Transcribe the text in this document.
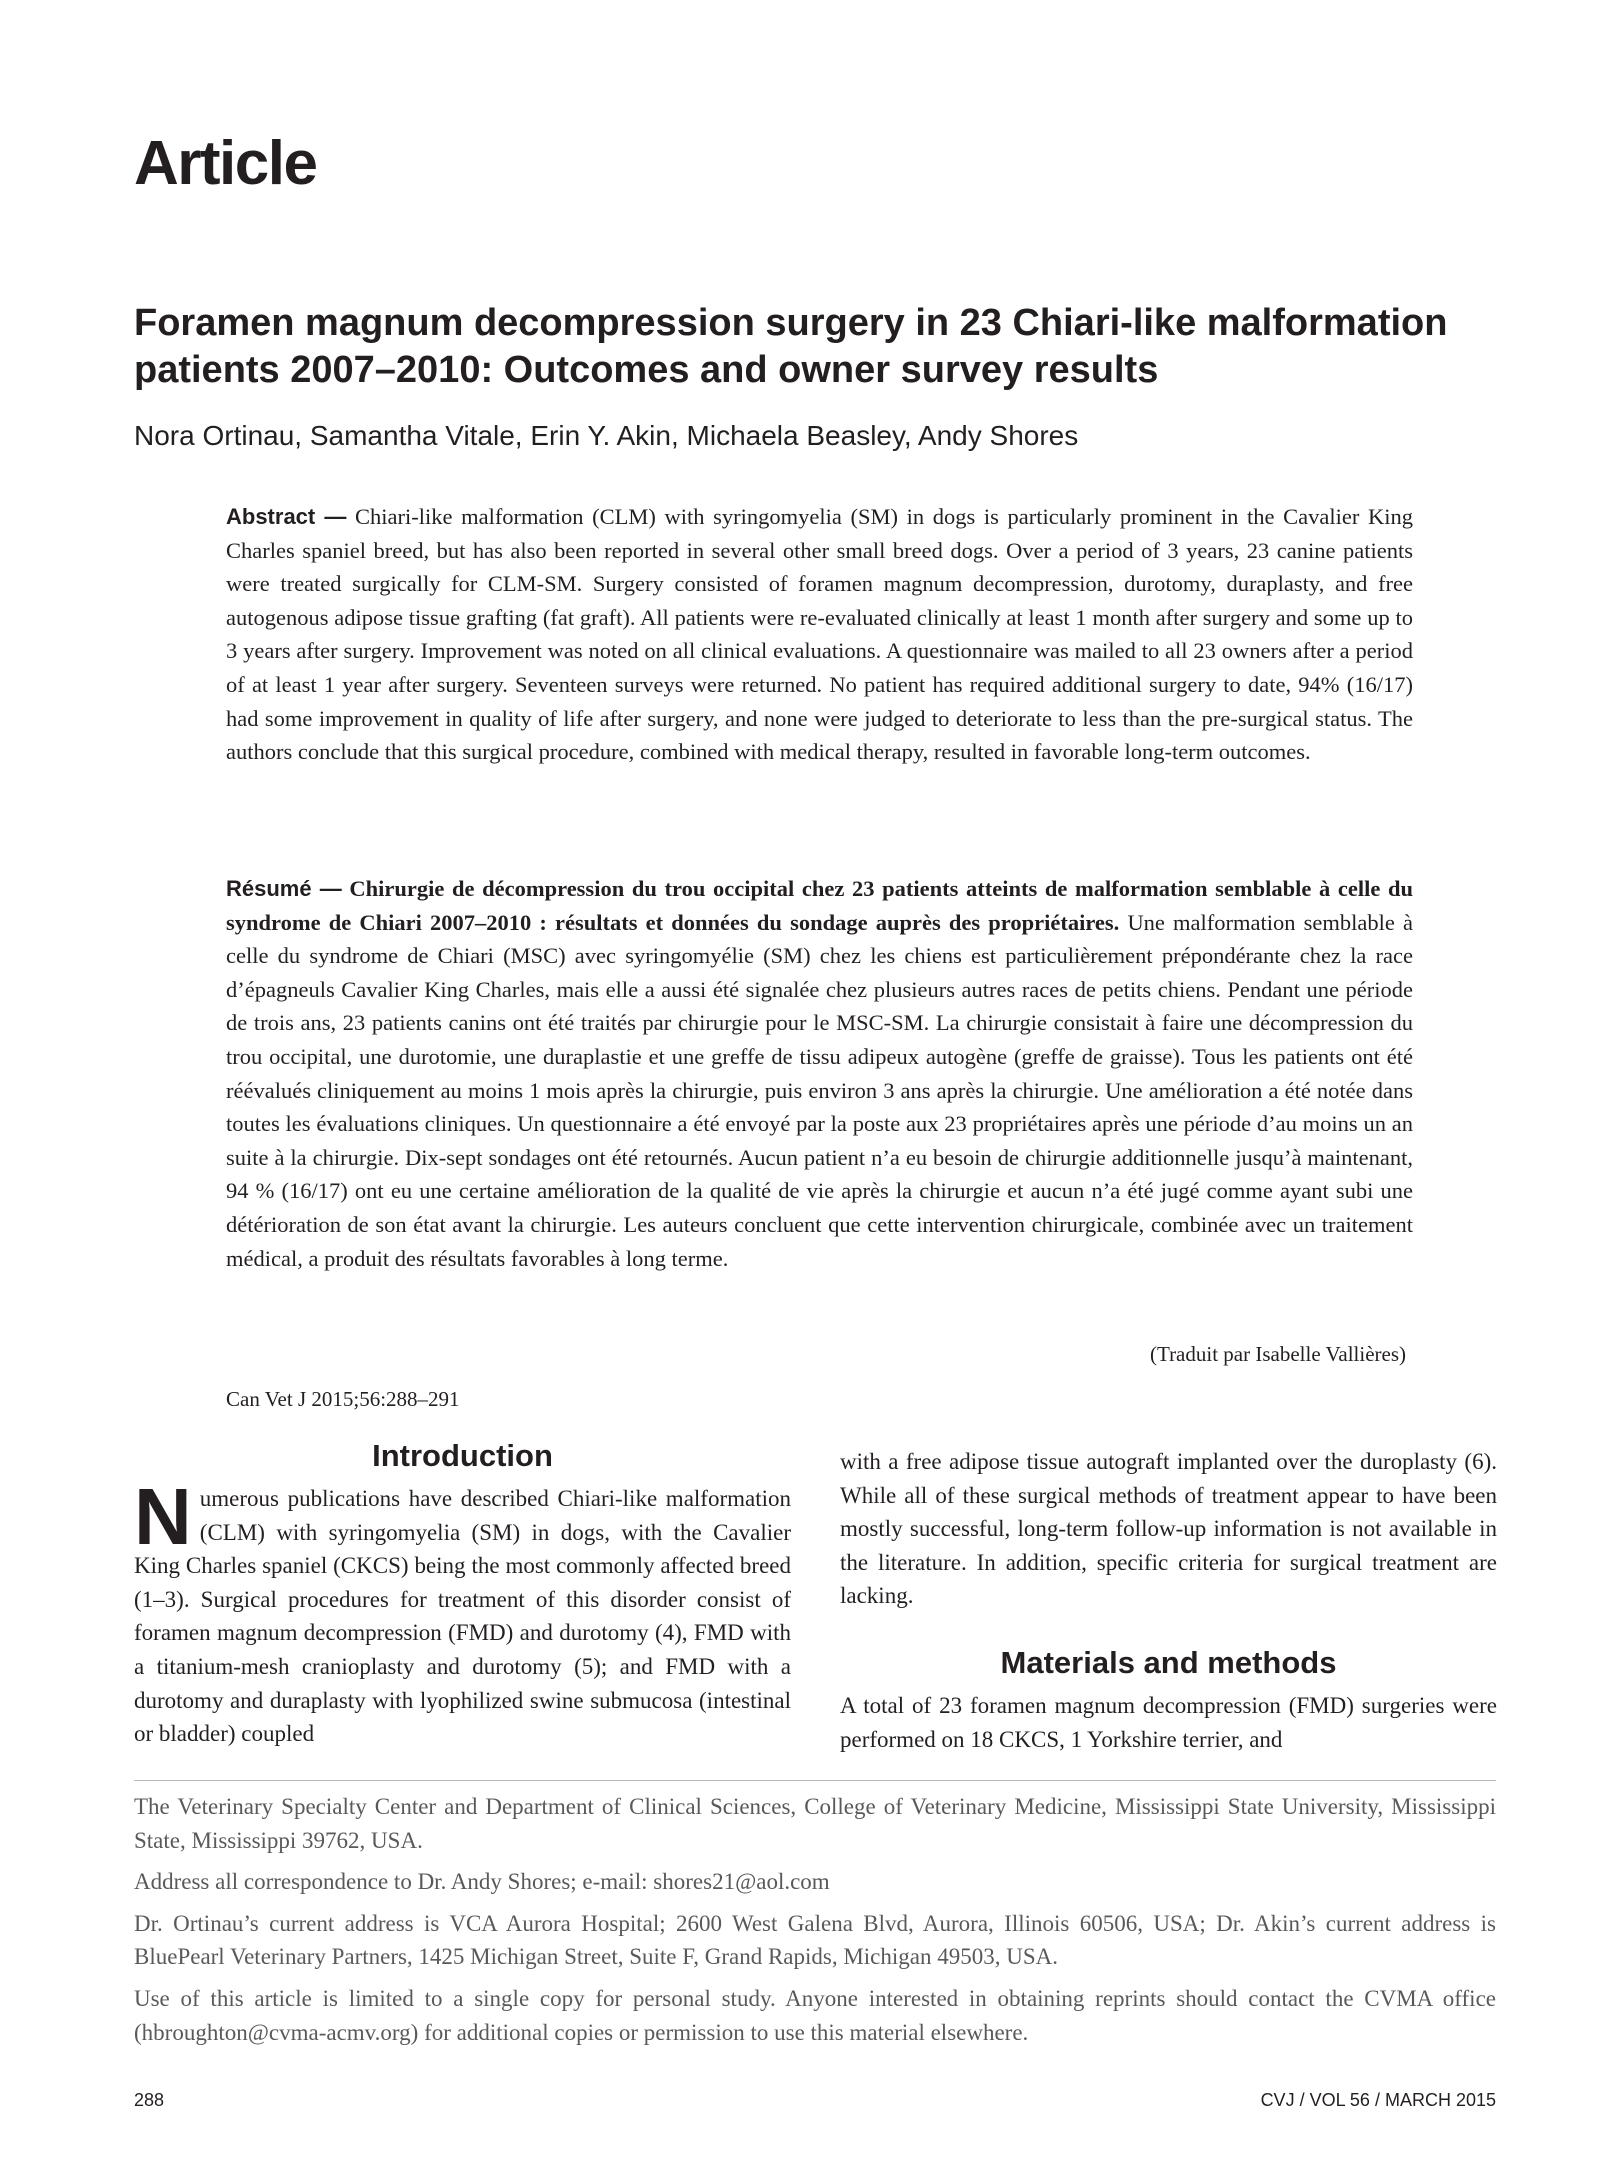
Article
Foramen magnum decompression surgery in 23 Chiari-like malformation
patients 2007–2010: Outcomes and owner survey results

Nora Ortinau, Samantha Vitale, Erin Y. Akin, Michaela Beasley, Andy Shores

Abstract — Chiari-like malformation (CLM) with syringomyelia (SM) in dogs is particularly prominent in the Cavalier King Charles spaniel breed, but has also been reported in several other small breed dogs. Over a period of 3 years, 23 canine patients were treated surgically for CLM-SM. Surgery consisted of foramen magnum decompression, durotomy, duraplasty, and free autogenous adipose tissue grafting (fat graft). All patients were re-evaluated clinically at least 1 month after surgery and some up to 3 years after surgery. Improvement was noted on all clinical evaluations. A questionnaire was mailed to all 23 owners after a period of at least 1 year after surgery. Seventeen surveys were returned. No patient has required additional surgery to date, 94% (16/17) had some improvement in quality of life after surgery, and none were judged to deteriorate to less than the pre-surgical status. The authors conclude that this surgical procedure, combined with medical therapy, resulted in favorable long-term outcomes.

Résumé — Chirurgie de décompression du trou occipital chez 23 patients atteints de malformation semblable à celle du syndrome de Chiari 2007–2010 : résultats et données du sondage auprès des propriétaires. Une malformation semblable à celle du syndrome de Chiari (MSC) avec syringomyélie (SM) chez les chiens est particulièrement prépondérante chez la race d’épagneuls Cavalier King Charles, mais elle a aussi été signalée chez plusieurs autres races de petits chiens. Pendant une période de trois ans, 23 patients canins ont été traités par chirurgie pour le MSC-SM. La chirurgie consistait à faire une décompression du trou occipital, une durotomie, une duraplastie et une greffe de tissu adipeux autogène (greffe de graisse). Tous les patients ont été réévalués cliniquement au moins 1 mois après la chirurgie, puis environ 3 ans après la chirurgie. Une amélioration a été notée dans toutes les évaluations cliniques. Un questionnaire a été envoyé par la poste aux 23 propriétaires après une période d’au moins un an suite à la chirurgie. Dix-sept sondages ont été retournés. Aucun patient n’a eu besoin de chirurgie additionnelle jusqu’à maintenant, 94 % (16/17) ont eu une certaine amélioration de la qualité de vie après la chirurgie et aucun n’a été jugé comme ayant subi une détérioration de son état avant la chirurgie. Les auteurs concluent que cette intervention chirurgicale, combinée avec un traitement médical, a produit des résultats favorables à long terme.

(Traduit par Isabelle Vallières)

Can Vet J 2015;56:288–291

Introduction

N umerous publications have described Chiari-like malformation (CLM) with syringomyelia (SM) in dogs, with the Cavalier King Charles spaniel (CKCS) being the most commonly affected breed (1–3). Surgical procedures for treatment of this disorder consist of foramen magnum decompression (FMD) and durotomy (4), FMD with a titanium-mesh cranioplasty and durotomy (5); and FMD with a durotomy and duraplasty with lyophilized swine submucosa (intestinal or bladder) coupled

with a free adipose tissue autograft implanted over the duroplasty (6). While all of these surgical methods of treatment appear to have been mostly successful, long-term follow-up information is not available in the literature. In addition, specific criteria for surgical treatment are lacking.

Materials and methods

A total of 23 foramen magnum decompression (FMD) surgeries were performed on 18 CKCS, 1 Yorkshire terrier, and

The Veterinary Specialty Center and Department of Clinical Sciences, College of Veterinary Medicine, Mississippi State University, Mississippi State, Mississippi 39762, USA.

Address all correspondence to Dr. Andy Shores; e-mail: shores21@aol.com

Dr. Ortinau’s current address is VCA Aurora Hospital; 2600 West Galena Blvd, Aurora, Illinois 60506, USA; Dr. Akin’s current address is BluePearl Veterinary Partners, 1425 Michigan Street, Suite F, Grand Rapids, Michigan 49503, USA.

Use of this article is limited to a single copy for personal study. Anyone interested in obtaining reprints should contact the CVMA office (hbroughton@cvma-acmv.org) for additional copies or permission to use this material elsewhere.

288	CVJ / VOL 56 / MARCH 2015
